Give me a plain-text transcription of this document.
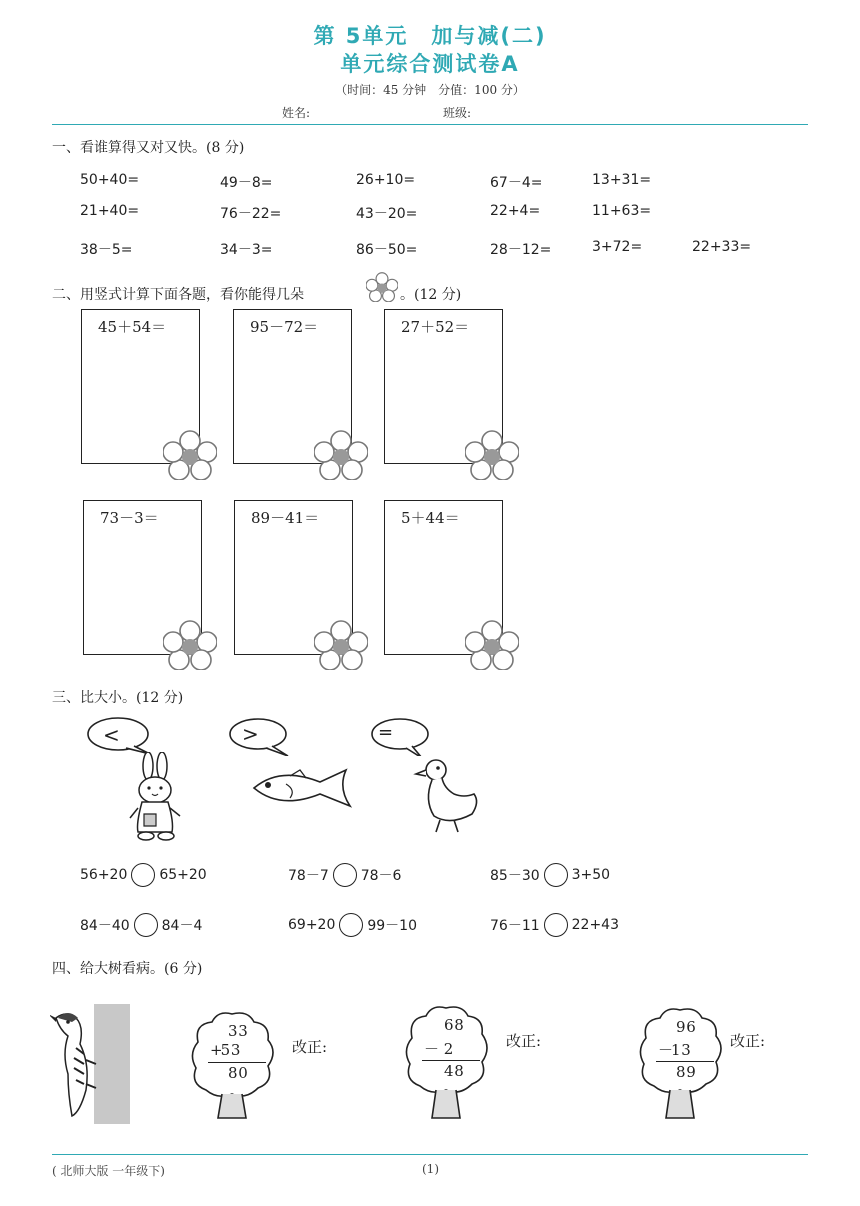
第 5单元　加与减(二)
单元综合测试卷A
（时间：45 分钟　分值：100 分）
姓名:	班级:
一、看谁算得又对又快。(8 分)
50+40=	49－8=	26+10=	67－4=	13+31=
21+40=	76－22=	43－20=	22+4=	11+63=
38－5=	34－3=	86－50=	28－12=	3+72=	22+33=
二、用竖式计算下面各题，看你能得几朵	。(12 分)
45＋54＝	95－72＝	27＋52＝
73－3＝	89－41＝	5＋44＝
三、比大小。(12 分)
<	>	=
56+20 65+20	78－7 78－6	85－30 3+50
84－40 84－4	69+20 99－10	76－11 22+43
四、给大树看病。(6 分)
3 3
+5 3
8 0
改正:
6 8
－ 2
4 8
改正:
9 6
－1 3
8 9
改正:
( 北师大版 一年级下)	(1)
